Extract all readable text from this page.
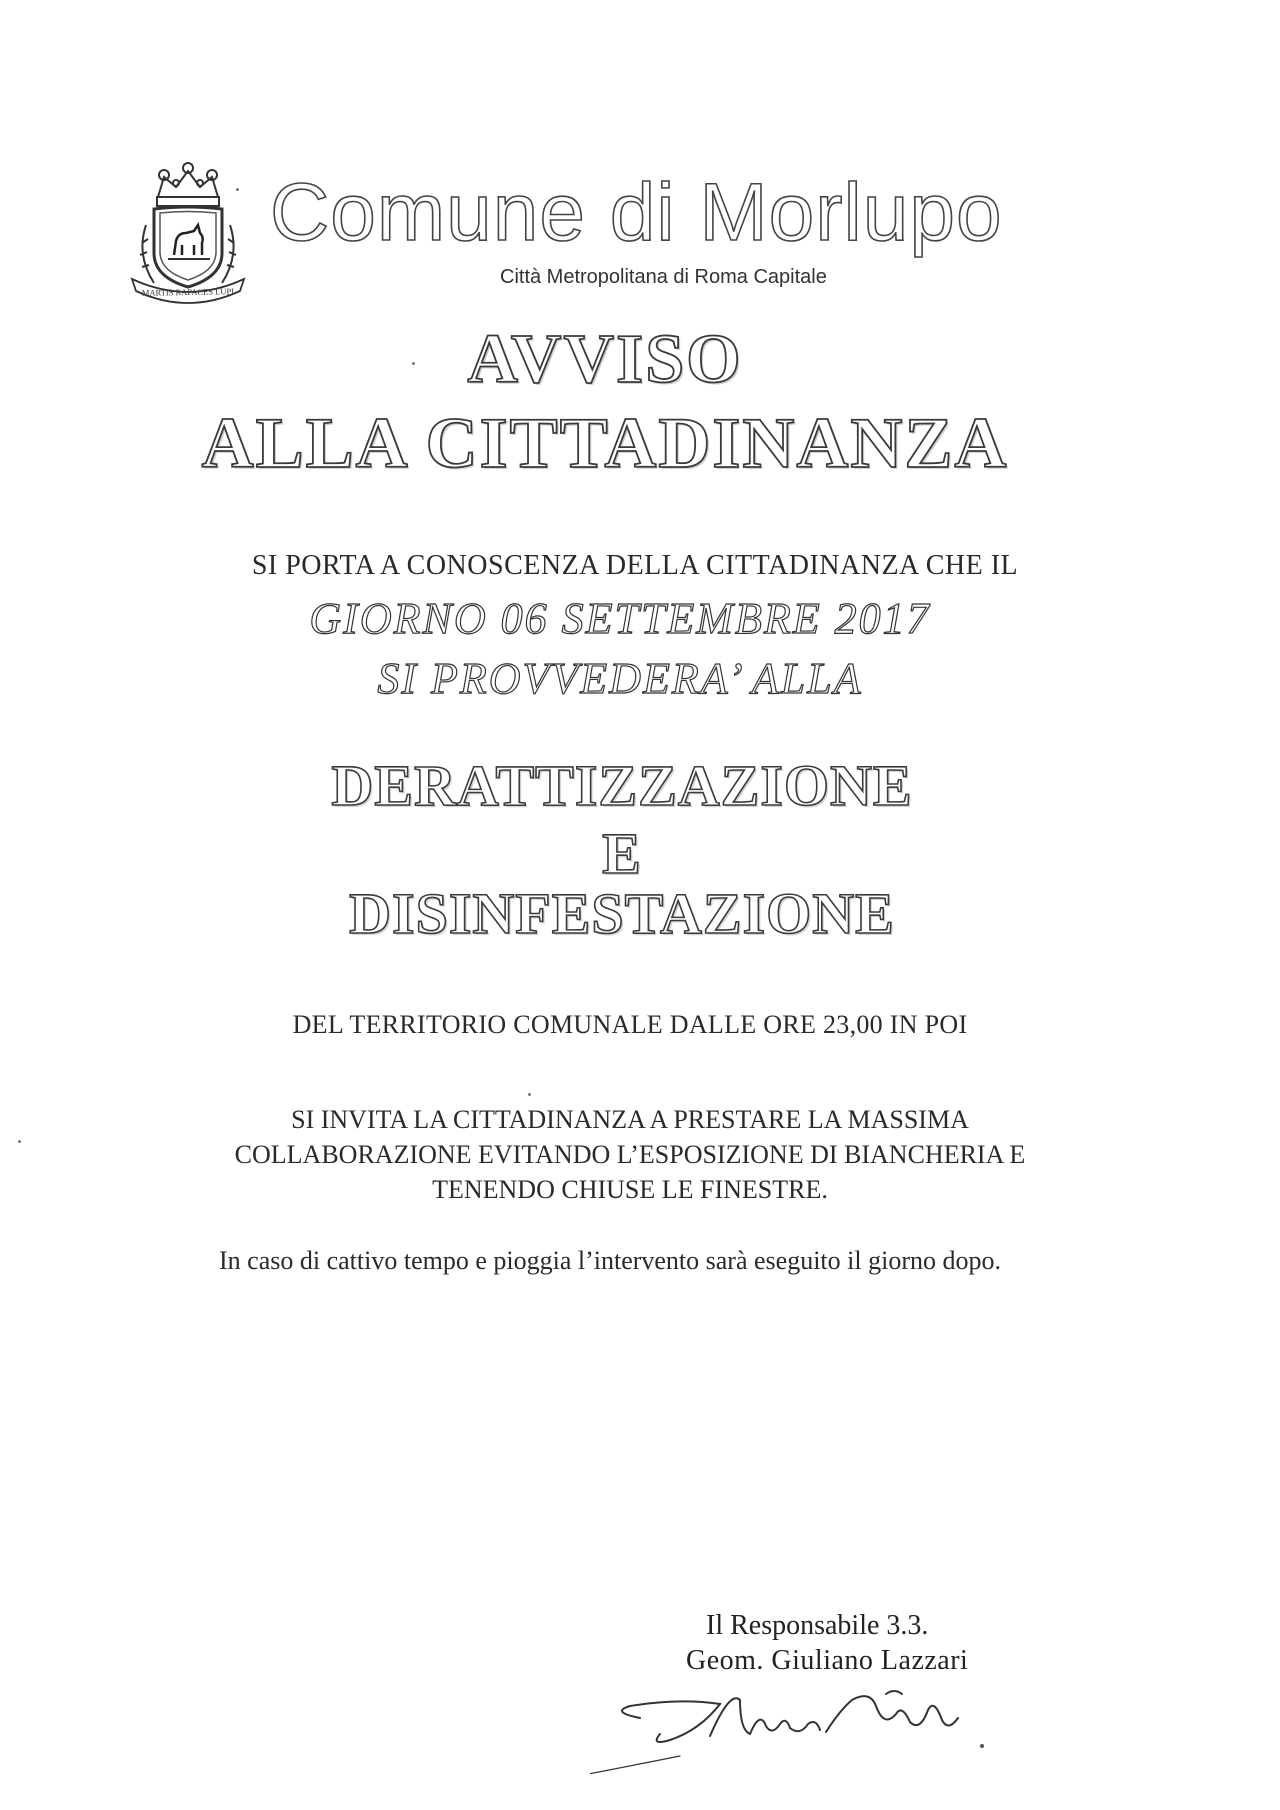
MARTIS RAPACES LUPI
Comune di Morlupo
Città Metropolitana di Roma Capitale
AVVISO
ALLA CITTADINANZA
SI PORTA A CONOSCENZA DELLA CITTADINANZA CHE IL
GIORNO 06 SETTEMBRE 2017
SI PROVVEDERA’ ALLA
DERATTIZZAZIONE
E
DISINFESTAZIONE
DEL TERRITORIO COMUNALE DALLE ORE 23,00 IN POI
SI INVITA LA CITTADINANZA A PRESTARE LA MASSIMA
COLLABORAZIONE EVITANDO L’ESPOSIZIONE DI BIANCHERIA E
TENENDO CHIUSE LE FINESTRE.
In caso di cattivo tempo e pioggia l’intervento sarà eseguito il giorno dopo.
Il Responsabile 3.3.
Geom. Giuliano Lazzari
